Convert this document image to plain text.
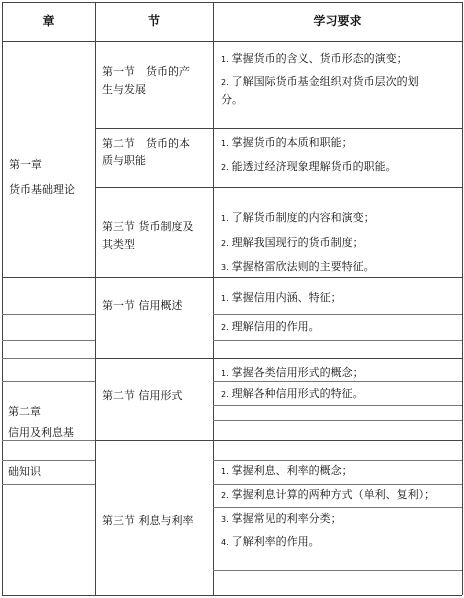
章	节	学习要求
第一章
货币基础理论
第二章
信用及利息基
础知识
第一节　货币的产
生与发展
第二节　货币的本
质与职能
第三节 货币制度及
其类型
第一节 信用概述
第二节 信用形式
第三节 利息与利率
1. 掌握货币的含义、货币形态的演变；
2. 了解国际货币基金组织对货币层次的划
分。
1. 掌握货币的本质和职能；
2. 能透过经济现象理解货币的职能。
1. 了解货币制度的内容和演变；
2. 理解我国现行的货币制度；
3. 掌握格雷欣法则的主要特征。
1. 掌握信用内涵、特征；
2. 理解信用的作用。
1. 掌握各类信用形式的概念；
2. 理解各种信用形式的特征。
1. 掌握利息、利率的概念；
2. 掌握利息计算的两种方式（单利、复利）；
3. 掌握常见的利率分类；
4. 了解利率的作用。
